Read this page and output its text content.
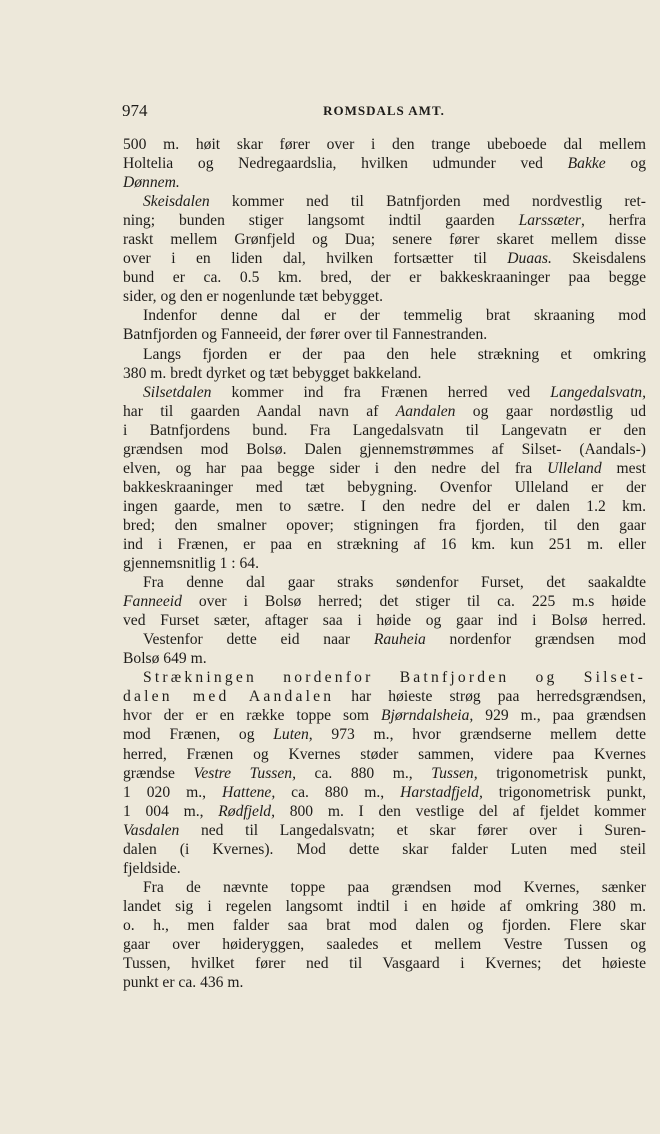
974	ROMSDALS AMT.
500 m. høit skar fører over i den trange ubeboede dal mellem
Holtelia og Nedregaardslia, hvilken udmunder ved Bakke og
Dønnem.
Skeisdalen kommer ned til Batnfjorden med nordvestlig ret-
ning; bunden stiger langsomt indtil gaarden Larssæter, herfra
raskt mellem Grønfjeld og Dua; senere fører skaret mellem disse
over i en liden dal, hvilken fortsætter til Duaas. Skeisdalens
bund er ca. 0.5 km. bred, der er bakkeskraaninger paa begge
sider, og den er nogenlunde tæt bebygget.
Indenfor denne dal er der temmelig brat skraaning mod
Batnfjorden og Fanneeid, der fører over til Fannestranden.
Langs fjorden er der paa den hele strækning et omkring
380 m. bredt dyrket og tæt bebygget bakkeland.
Silsetdalen kommer ind fra Frænen herred ved Langedalsvatn,
har til gaarden Aandal navn af Aandalen og gaar nordøstlig ud
i Batnfjordens bund. Fra Langedalsvatn til Langevatn er den
grændsen mod Bolsø. Dalen gjennemstrømmes af Silset- (Aandals-)
elven, og har paa begge sider i den nedre del fra Ulleland mest
bakkeskraaninger med tæt bebygning. Ovenfor Ulleland er der
ingen gaarde, men to sætre. I den nedre del er dalen 1.2 km.
bred; den smalner opover; stigningen fra fjorden, til den gaar
ind i Frænen, er paa en strækning af 16 km. kun 251 m. eller
gjennemsnitlig 1 : 64.
Fra denne dal gaar straks søndenfor Furset, det saakaldte
Fanneeid over i Bolsø herred; det stiger til ca. 225 m.s høide
ved Furset sæter, aftager saa i høide og gaar ind i Bolsø herred.
Vestenfor dette eid naar Rauheia nordenfor grændsen mod
Bolsø 649 m.
Strækningen nordenfor Batnfjorden og Silset-
dalen med Aandalen har høieste strøg paa herredsgrændsen,
hvor der er en række toppe som Bjørndalsheia, 929 m., paa grændsen
mod Frænen, og Luten, 973 m., hvor grændserne mellem dette
herred, Frænen og Kvernes støder sammen, videre paa Kvernes
grændse Vestre Tussen, ca. 880 m., Tussen, trigonometrisk punkt,
1 020 m., Hattene, ca. 880 m., Harstadfjeld, trigonometrisk punkt,
1 004 m., Rødfjeld, 800 m. I den vestlige del af fjeldet kommer
Vasdalen ned til Langedalsvatn; et skar fører over i Suren-
dalen (i Kvernes). Mod dette skar falder Luten med steil
fjeldside.
Fra de nævnte toppe paa grændsen mod Kvernes, sænker
landet sig i regelen langsomt indtil i en høide af omkring 380 m.
o. h., men falder saa brat mod dalen og fjorden. Flere skar
gaar over høideryggen, saaledes et mellem Vestre Tussen og
Tussen, hvilket fører ned til Vasgaard i Kvernes; det høieste
punkt er ca. 436 m.
